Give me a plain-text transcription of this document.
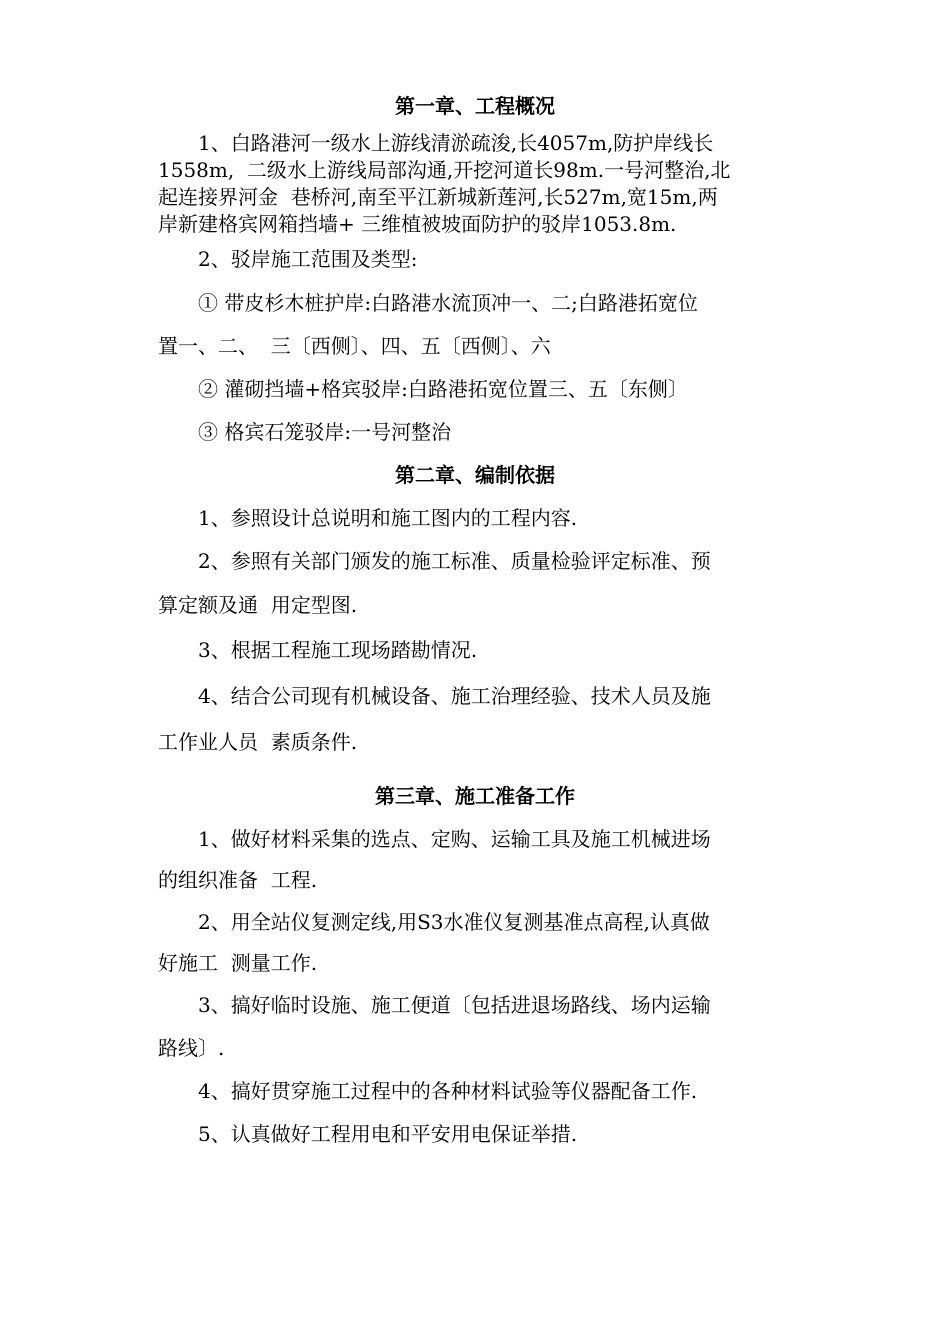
第一章、工程概况

1、白路港河一级水上游线清淤疏浚,长4057m,防护岸线长

1558m,  二级水上游线局部沟通,开挖河道长98m.一号河整治,北

起连接界河金  巷桥河,南至平江新城新莲河,长527m,宽15m,两

岸新建格宾网箱挡墙+ 三维植被坡面防护的驳岸1053.8m.

2、驳岸施工范围及类型:

① 带皮杉木桩护岸:白路港水流顶冲一、二;白路港拓宽位

置一、二、  三〔西侧〕、四、五〔西侧〕、六

② 灌砌挡墙+格宾驳岸:白路港拓宽位置三、五〔东侧〕

③ 格宾石笼驳岸:一号河整治

第二章、编制依据

1、参照设计总说明和施工图内的工程内容.

2、参照有关部门颁发的施工标准、质量检验评定标准、预

算定额及通  用定型图.

3、根据工程施工现场踏勘情况.

4、结合公司现有机械设备、施工治理经验、技术人员及施

工作业人员  素质条件.

第三章、施工准备工作

1、做好材料采集的选点、定购、运输工具及施工机械进场

的组织准备  工程.

2、用全站仪复测定线,用S3水准仪复测基准点高程,认真做

好施工  测量工作.

3、搞好临时设施、施工便道〔包括进退场路线、场内运输

路线〕.

4、搞好贯穿施工过程中的各种材料试验等仪器配备工作.

5、认真做好工程用电和平安用电保证举措.
